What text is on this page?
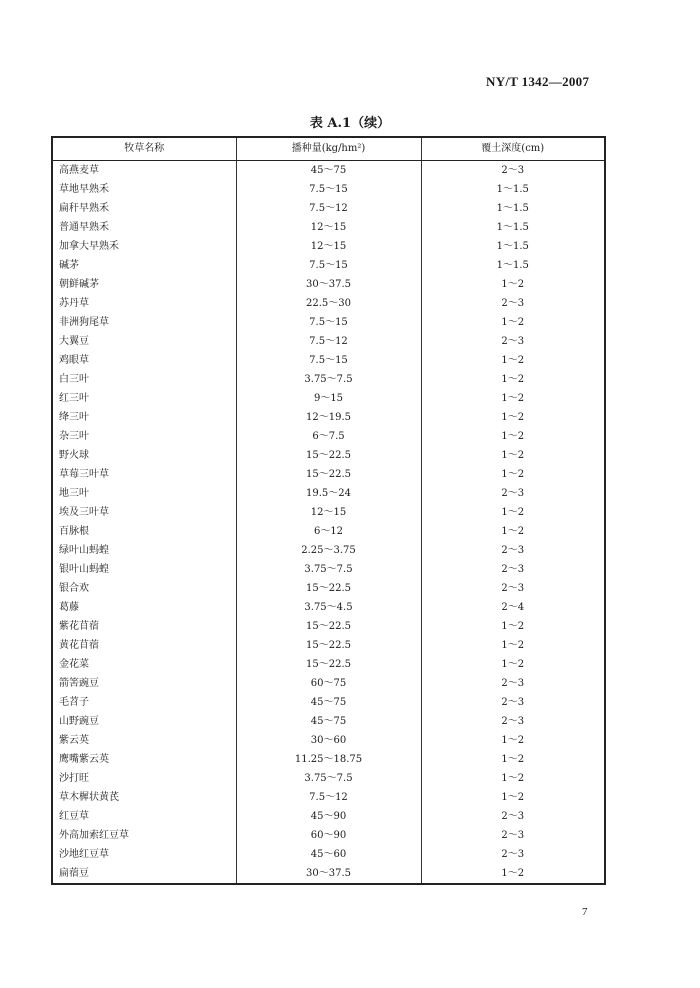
NY/T 1342—2007
表 A.1（续）
牧草名称	播种量(kg/hm²)	覆土深度(cm)
高燕麦草	45～75	2～3
草地早熟禾	7.5～15	1～1.5
扁秆早熟禾	7.5～12	1～1.5
普通早熟禾	12～15	1～1.5
加拿大早熟禾	12～15	1～1.5
碱茅	7.5～15	1～1.5
朝鲜碱茅	30～37.5	1～2
苏丹草	22.5～30	2～3
非洲狗尾草	7.5～15	1～2
大翼豆	7.5～12	2～3
鸡眼草	7.5～15	1～2
白三叶	3.75～7.5	1～2
红三叶	9～15	1～2
绛三叶	12～19.5	1～2
杂三叶	6～7.5	1～2
野火球	15～22.5	1～2
草莓三叶草	15～22.5	1～2
地三叶	19.5～24	2～3
埃及三叶草	12～15	1～2
百脉根	6～12	1～2
绿叶山蚂蝗	2.25～3.75	2～3
银叶山蚂蝗	3.75～7.5	2～3
银合欢	15～22.5	2～3
葛藤	3.75～4.5	2～4
紫花苜蓿	15～22.5	1～2
黄花苜蓿	15～22.5	1～2
金花菜	15～22.5	1～2
箭筈豌豆	60～75	2～3
毛苕子	45～75	2～3
山野豌豆	45～75	2～3
紫云英	30～60	1～2
鹰嘴紫云英	11.25～18.75	1～2
沙打旺	3.75～7.5	1～2
草木樨状黄芪	7.5～12	1～2
红豆草	45～90	2～3
外高加索红豆草	60～90	2～3
沙地红豆草	45～60	2～3
扁蓿豆	30～37.5	1～2
7
